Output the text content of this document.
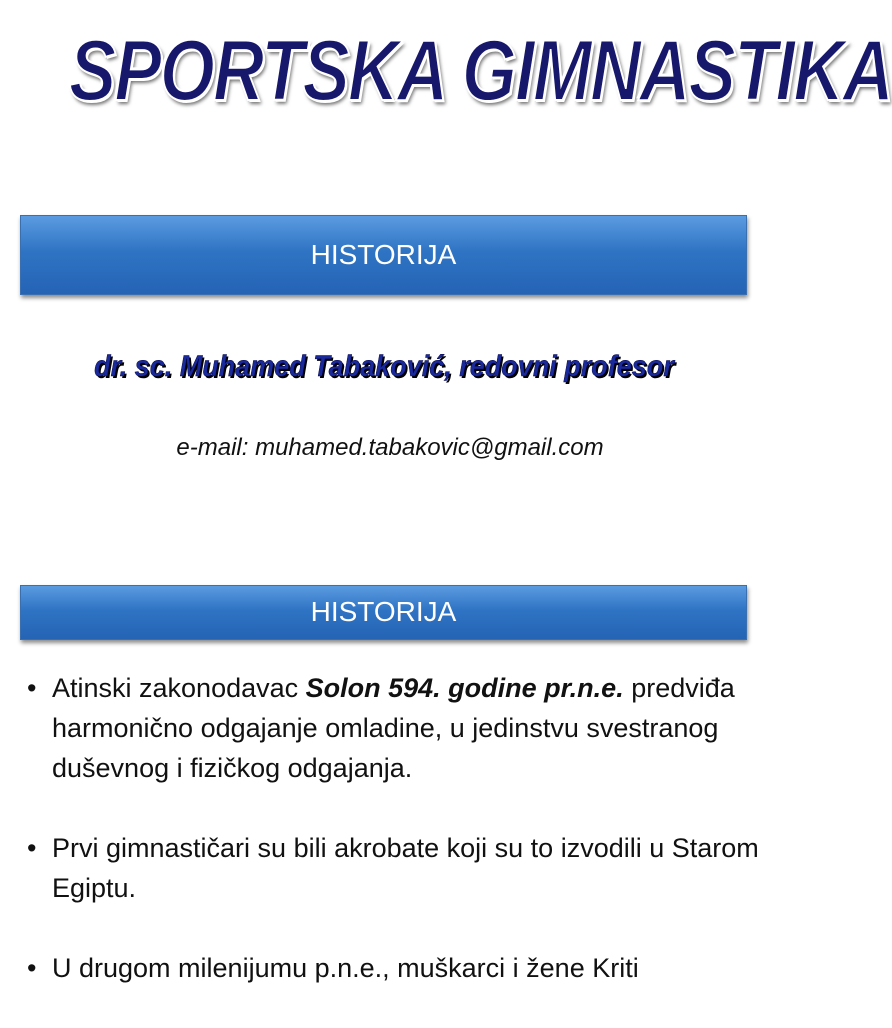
SPORTSKA GIMNASTIKA
HISTORIJA
dr. sc. Muhamed Tabaković, redovni profesor
e-mail: muhamed.tabakovic@gmail.com
HISTORIJA
• Atinski zakonodavac Solon 594. godine pr.n.e. predviđa harmonično odgajanje omladine, u jedinstvu svestranog duševnog i fizičkog odgajanja.
• Prvi gimnastičari su bili akrobate koji su to izvodili u Starom Egiptu.
• U drugom milenijumu p.n.e., muškarci i žene Kriti
